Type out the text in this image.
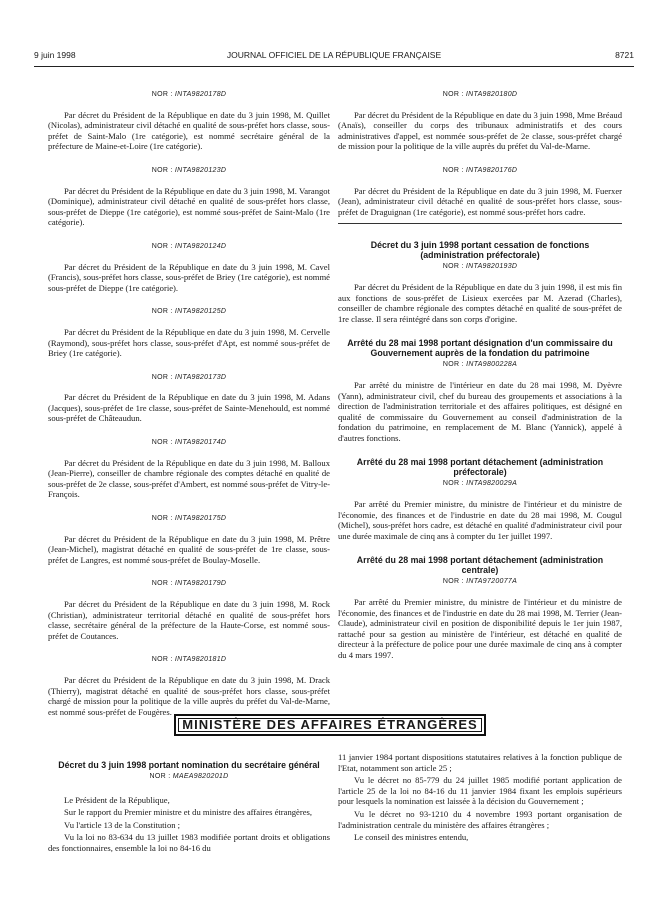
9 juin 1998	JOURNAL OFFICIEL DE LA RÉPUBLIQUE FRANÇAISE	8721
NOR : INTA9820178D

Par décret du Président de la République en date du 3 juin 1998, M. Quillet (Nicolas), administrateur civil détaché en qualité de sous-préfet hors classe, sous-préfet de Saint-Malo (1re catégorie), est nommé secrétaire général de la préfecture de Maine-et-Loire (1re catégorie).

NOR : INTA9820123D

Par décret du Président de la République en date du 3 juin 1998, M. Varangot (Dominique), administrateur civil détaché en qualité de sous-préfet hors classe, sous-préfet de Dieppe (1re catégorie), est nommé sous-préfet de Saint-Malo (1re catégorie).

NOR : INTA9820124D

Par décret du Président de la République en date du 3 juin 1998, M. Cavel (Francis), sous-préfet hors classe, sous-préfet de Briey (1re catégorie), est nommé sous-préfet de Dieppe (1re catégorie).

NOR : INTA9820125D

Par décret du Président de la République en date du 3 juin 1998, M. Cervelle (Raymond), sous-préfet hors classe, sous-préfet d'Apt, est nommé sous-préfet de Briey (1re catégorie).

NOR : INTA9820173D

Par décret du Président de la République en date du 3 juin 1998, M. Adans (Jacques), sous-préfet de 1re classe, sous-préfet de Sainte-Menehould, est nommé sous-préfet de Châteaudun.

NOR : INTA9820174D

Par décret du Président de la République en date du 3 juin 1998, M. Balloux (Jean-Pierre), conseiller de chambre régionale des comptes détaché en qualité de sous-préfet de 2e classe, sous-préfet d'Ambert, est nommé sous-préfet de Vitry-le-François.

NOR : INTA9820175D

Par décret du Président de la République en date du 3 juin 1998, M. Prêtre (Jean-Michel), magistrat détaché en qualité de sous-préfet de 1re classe, sous-préfet de Langres, est nommé sous-préfet de Boulay-Moselle.

NOR : INTA9820179D

Par décret du Président de la République en date du 3 juin 1998, M. Rock (Christian), administrateur territorial détaché en qualité de sous-préfet hors classe, secrétaire général de la préfecture de la Haute-Corse, est nommé sous-préfet de Coutances.

NOR : INTA9820181D

Par décret du Président de la République en date du 3 juin 1998, M. Drack (Thierry), magistrat détaché en qualité de sous-préfet hors classe, sous-préfet chargé de mission pour la politique de la ville auprès du préfet du Val-de-Marne, est nommé sous-préfet de Fougères.

NOR : INTA9820180D

Par décret du Président de la République en date du 3 juin 1998, Mme Bréaud (Anaïs), conseiller du corps des tribunaux administratifs et des cours administratives d'appel, est nommée sous-préfet de 2e classe, sous-préfet chargé de mission pour la politique de la ville auprès du préfet du Val-de-Marne.

NOR : INTA9820176D

Par décret du Président de la République en date du 3 juin 1998, M. Fuerxer (Jean), administrateur civil détaché en qualité de sous-préfet hors classe, sous-préfet de Draguignan (1re catégorie), est nommé sous-préfet hors cadre.

Décret du 3 juin 1998 portant cessation de fonctions (administration préfectorale)
NOR : INTA9820193D

Par décret du Président de la République en date du 3 juin 1998, il est mis fin aux fonctions de sous-préfet de Lisieux exercées par M. Azerad (Charles), conseiller de chambre régionale des comptes détaché en qualité de sous-préfet de 1re classe. Il sera réintégré dans son corps d'origine.

Arrêté du 28 mai 1998 portant désignation d'un commissaire du Gouvernement auprès de la fondation du patrimoine
NOR : INTA9800228A

Par arrêté du ministre de l'intérieur en date du 28 mai 1998, M. Dyèvre (Yann), administrateur civil, chef du bureau des groupements et associations à la direction de l'administration territoriale et des affaires politiques, est désigné en qualité de commissaire du Gouvernement au conseil d'administration de la fondation du patrimoine, en remplacement de M. Blanc (Yannick), appelé à d'autres fonctions.

Arrêté du 28 mai 1998 portant détachement (administration préfectorale)
NOR : INTA9820029A

Par arrêté du Premier ministre, du ministre de l'intérieur et du ministre de l'économie, des finances et de l'industrie en date du 28 mai 1998, M. Cougul (Michel), sous-préfet hors cadre, est détaché en qualité d'administrateur civil pour une durée maximale de cinq ans à compter du 1er juillet 1997.

Arrêté du 28 mai 1998 portant détachement (administration centrale)
NOR : INTA9720077A

Par arrêté du Premier ministre, du ministre de l'intérieur et du ministre de l'économie, des finances et de l'industrie en date du 28 mai 1998, M. Terrier (Jean-Claude), administrateur civil en position de disponibilité depuis le 1er juin 1987, rattaché pour sa gestion au ministère de l'intérieur, est détaché en qualité de directeur à la préfecture de police pour une durée maximale de cinq ans à compter du 4 mars 1997.

MINISTÈRE DES AFFAIRES ÉTRANGÈRES
Décret du 3 juin 1998 portant nomination du secrétaire général
NOR : MAEA9820201D

Le Président de la République,

Sur le rapport du Premier ministre et du ministre des affaires étrangères,

Vu l'article 13 de la Constitution ;

Vu la loi no 83-634 du 13 juillet 1983 modifiée portant droits et obligations des fonctionnaires, ensemble la loi no 84-16 du

11 janvier 1984 portant dispositions statutaires relatives à la fonction publique de l'Etat, notamment son article 25 ;

Vu le décret no 85-779 du 24 juillet 1985 modifié portant application de l'article 25 de la loi no 84-16 du 11 janvier 1984 fixant les emplois supérieurs pour lesquels la nomination est laissée à la décision du Gouvernement ;

Vu le décret no 93-1210 du 4 novembre 1993 portant organisation de l'administration centrale du ministère des affaires étrangères ;

Le conseil des ministres entendu,
